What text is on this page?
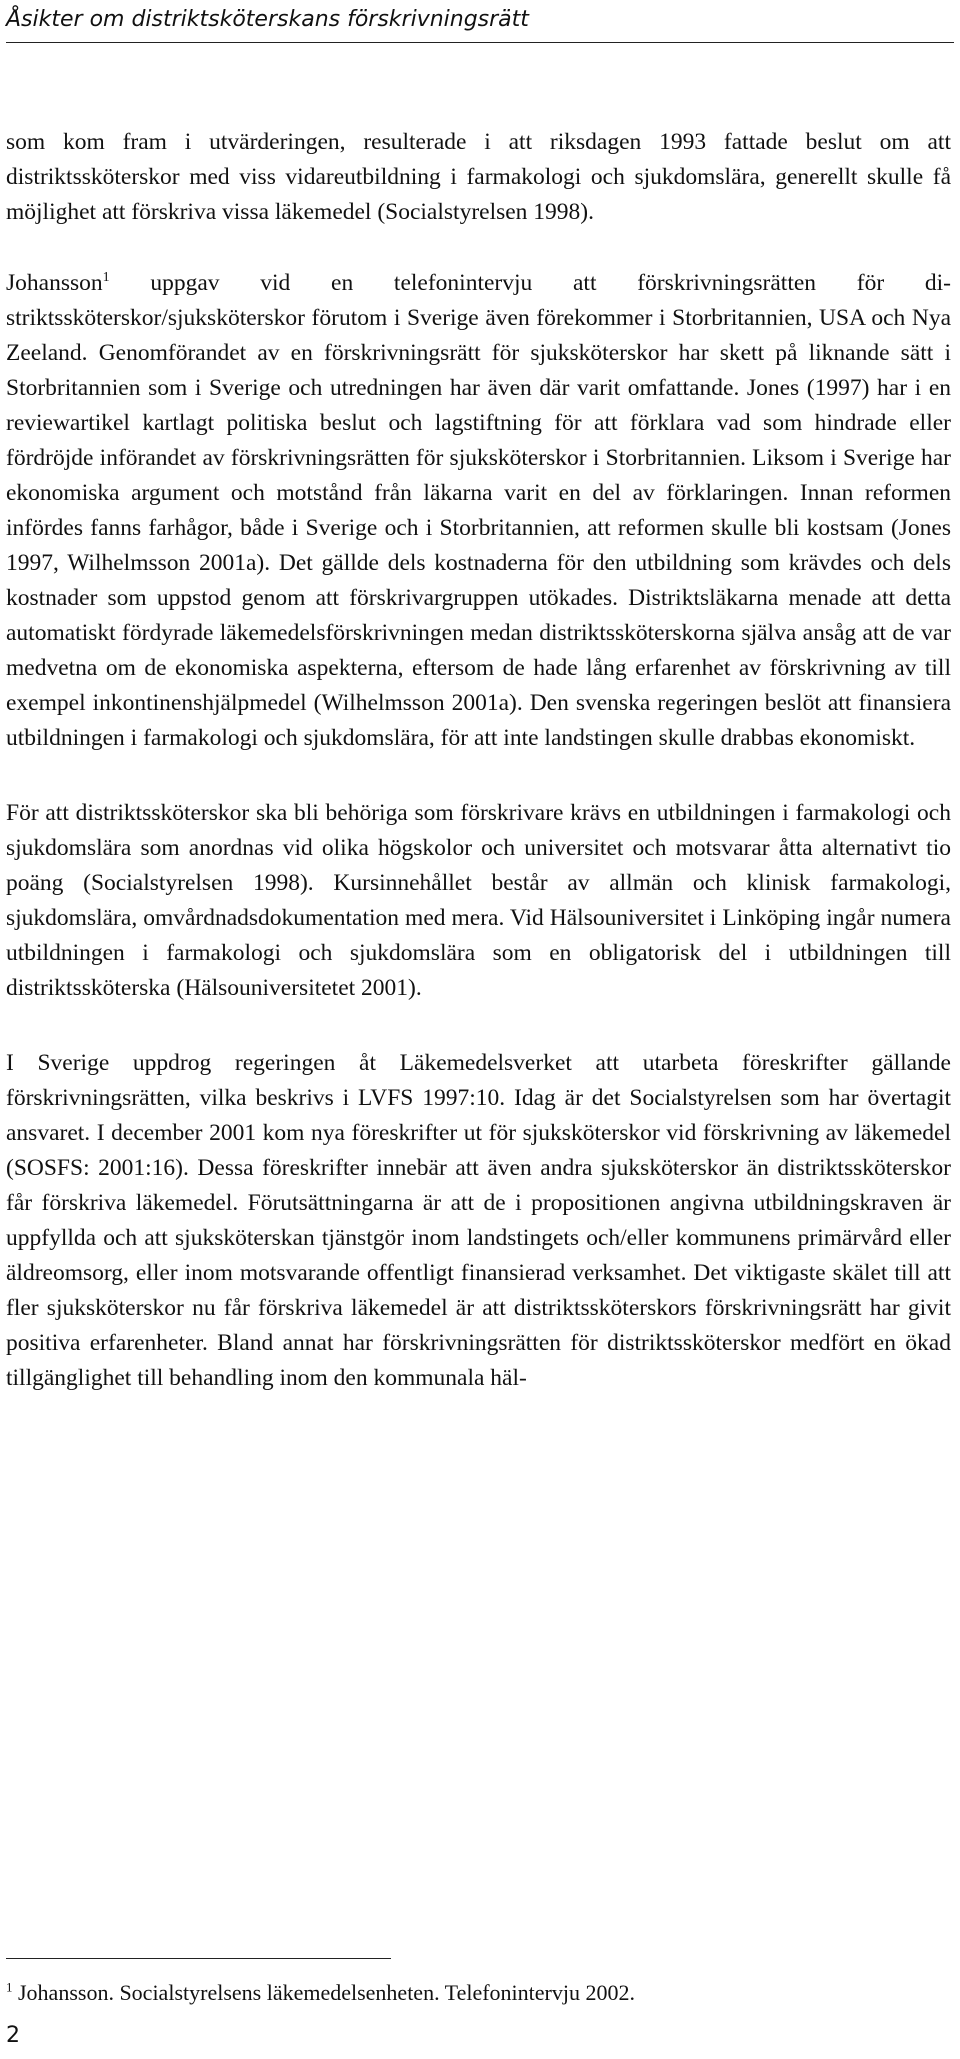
Åsikter om distriktsköterskans förskrivningsrätt

som kom fram i utvärderingen, resulterade i att riksdagen 1993 fattade beslut om att distriktssköterskor med viss vidareutbildning i farmakologi och sjukdomslära, generellt skulle få möjlighet att förskriva vissa läkemedel (Socialstyrelsen 1998).

Johansson$^1$ uppgav vid en telefonintervju att förskrivningsrätten för distriktssköterskor/sjuksköterskor förutom i Sverige även förekommer i Storbritannien, USA och Nya Zeeland. Genomförandet av en förskrivningsrätt för sjuksköterskor har skett på liknande sätt i Storbritannien som i Sverige och utredningen har även där varit omfattande. Jones (1997) har i en reviewartikel kartlagt politiska beslut och lagstiftning för att förklara vad som hindrade eller fördröjde införandet av förskrivningsrätten för sjuksköterskor i Storbritannien. Liksom i Sverige har ekonomiska argument och motstånd från läkarna varit en del av förklaringen. Innan reformen infördes fanns farhågor, både i Sverige och i Storbritannien, att reformen skulle bli kostsam (Jones 1997, Wilhelmsson 2001a). Det gällde dels kostnaderna för den utbildning som krävdes och dels kostnader som uppstod genom att förskrivargruppen utökades. Distriktsläkarna menade att detta automatiskt fördyrade läkemedelsförskrivningen medan distriktssköterskorna själva ansåg att de var medvetna om de ekonomiska aspekterna, eftersom de hade lång erfarenhet av förskrivning av till exempel inkontinenshjälpmedel (Wilhelmsson 2001a). Den svenska regeringen beslöt att finansiera utbildningen i farmakologi och sjukdomslära, för att inte landstingen skulle drabbas ekonomiskt.

För att distriktssköterskor ska bli behöriga som förskrivare krävs en utbildningen i farmakologi och sjukdomslära som anordnas vid olika högskolor och universitet och motsvarar åtta alternativt tio poäng (Socialstyrelsen 1998). Kursinnehållet består av allmän och klinisk farmakologi, sjukdomslära, omvårdnadsdokumentation med mera. Vid Hälsouniversitet i Linköping ingår numera utbildningen i farmakologi och sjukdomslära som en obligatorisk del i utbildningen till distriktssköterska (Hälsouniversitetet 2001).

I Sverige uppdrog regeringen åt Läkemedelsverket att utarbeta föreskrifter gällande förskrivningsrätten, vilka beskrivs i LVFS 1997:10. Idag är det Socialstyrelsen som har övertagit ansvaret. I december 2001 kom nya föreskrifter ut för sjuksköterskor vid förskrivning av läkemedel (SOSFS: 2001:16). Dessa föreskrifter innebär att även andra sjuksköterskor än distriktssköterskor får förskriva läkemedel. Förutsättningarna är att de i propositionen angivna utbildningskraven är uppfyllda och att sjuksköterskan tjänstgör inom landstingets och/eller kommunens primärvård eller äldreomsorg, eller inom motsvarande offentligt finansierad verksamhet. Det viktigaste skälet till att fler sjuksköterskor nu får förskriva läkemedel är att distriktssköterskors förskrivningsrätt har givit positiva erfarenheter. Bland annat har förskrivningsrätten för distriktssköterskor medfört en ökad tillgänglighet till behandling inom den kommunala häl-

$^1$ Johansson. Socialstyrelsens läkemedelsenheten. Telefonintervju 2002.
2
